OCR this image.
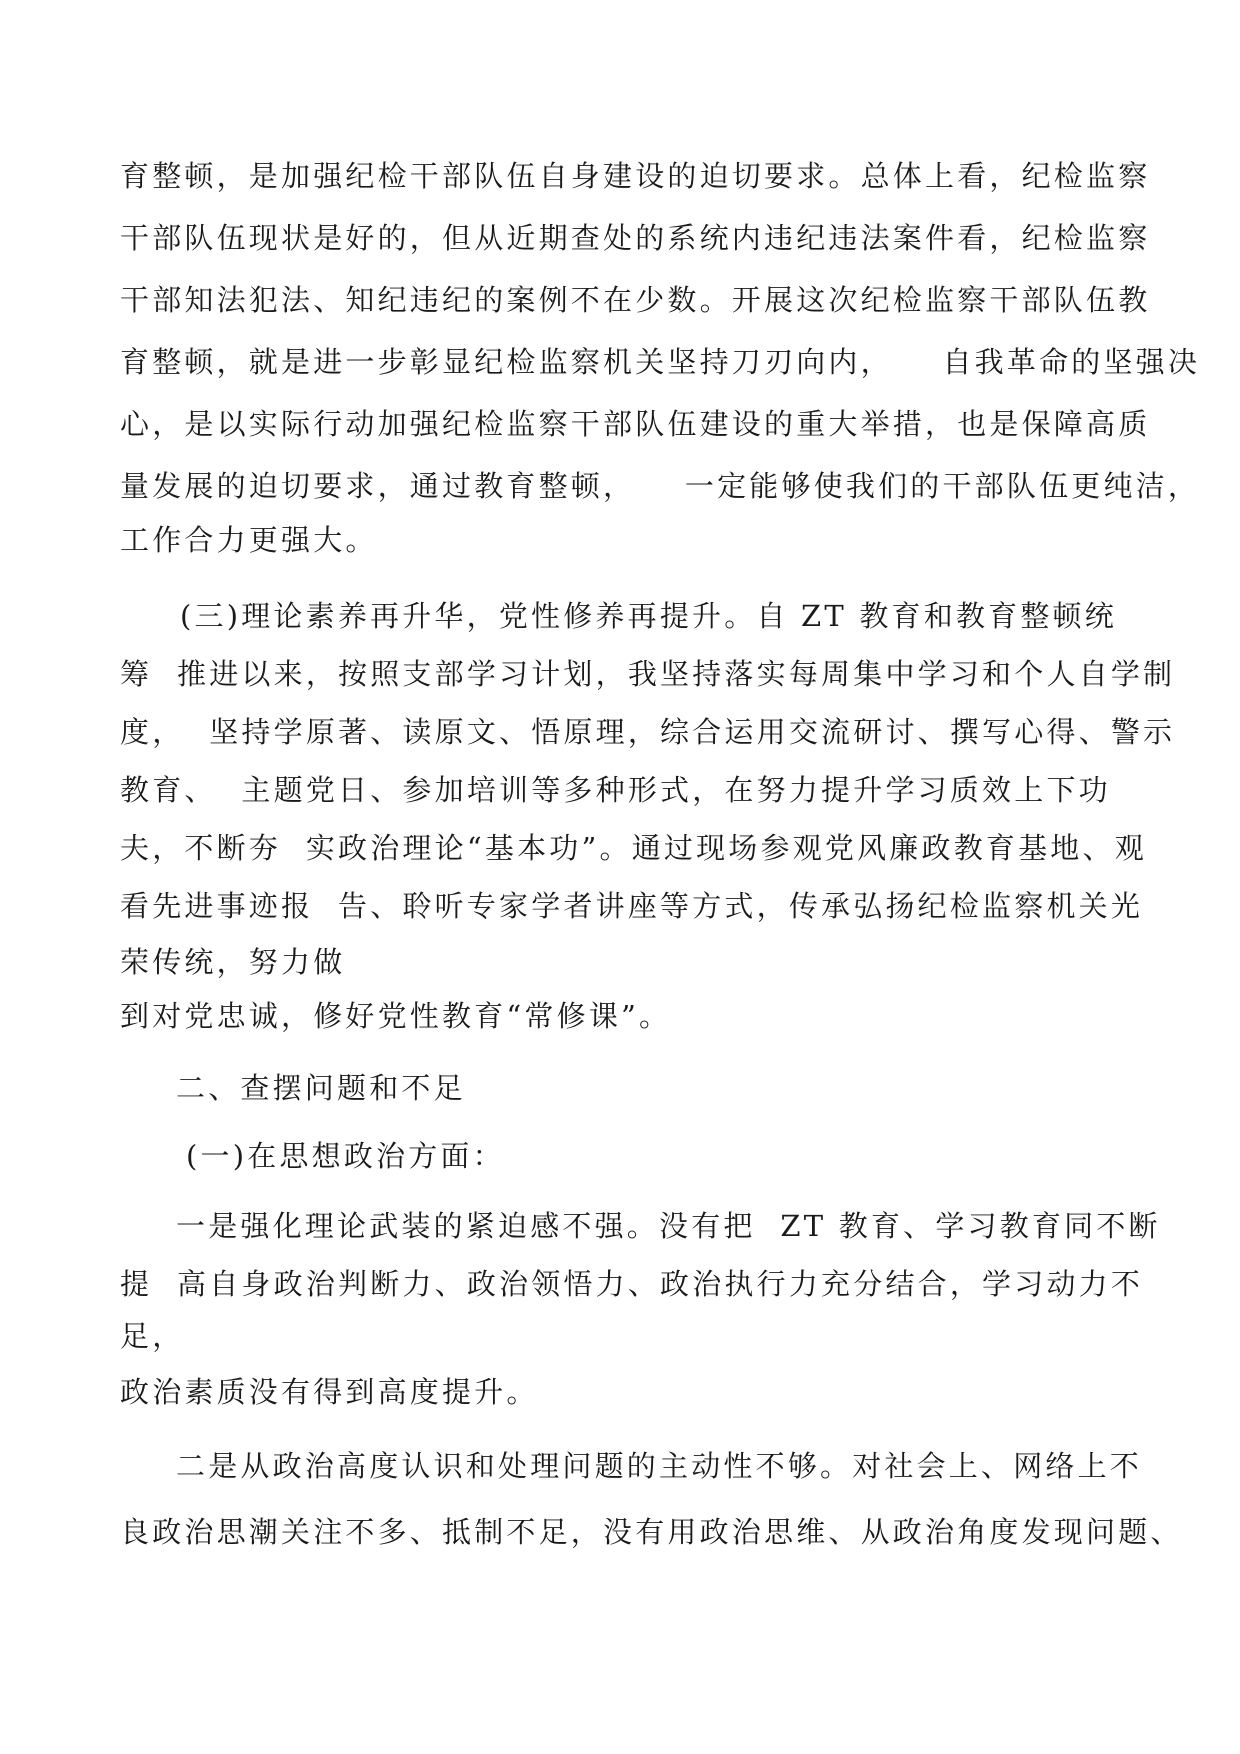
育整顿，是加强纪检干部队伍自身建设的迫切要求。总体上看，纪检监察
干部队伍现状是好的，但从近期查处的系统内违纪违法案件看，纪检监察
干部知法犯法、知纪违纪的案例不在少数。开展这次纪检监察干部队伍教
育整顿，就是进一步彰显纪检监察机关坚持刀刃向内，    自我革命的坚强决
心，是以实际行动加强纪检监察干部队伍建设的重大举措，也是保障高质
量发展的迫切要求，通过教育整顿，    一定能够使我们的干部队伍更纯洁，
工作合力更强大。
(三)理论素养再升华，党性修养再提升。自 ZT 教育和教育整顿统
筹  推进以来，按照支部学习计划，我坚持落实每周集中学习和个人自学制
度，  坚持学原著、读原文、悟原理，综合运用交流研讨、撰写心得、警示
教育、  主题党日、参加培训等多种形式，在努力提升学习质效上下功
夫，不断夯  实政治理论“基本功”。通过现场参观党风廉政教育基地、观
看先进事迹报  告、聆听专家学者讲座等方式，传承弘扬纪检监察机关光
荣传统，努力做
到对党忠诚，修好党性教育“常修课”。
二、查摆问题和不足
(一)在思想政治方面：
一是强化理论武装的紧迫感不强。没有把  ZT 教育、学习教育同不断
提  高自身政治判断力、政治领悟力、政治执行力充分结合，学习动力不
足，
政治素质没有得到高度提升。
二是从政治高度认识和处理问题的主动性不够。对社会上、网络上不
良政治思潮关注不多、抵制不足，没有用政治思维、从政治角度发现问题、
